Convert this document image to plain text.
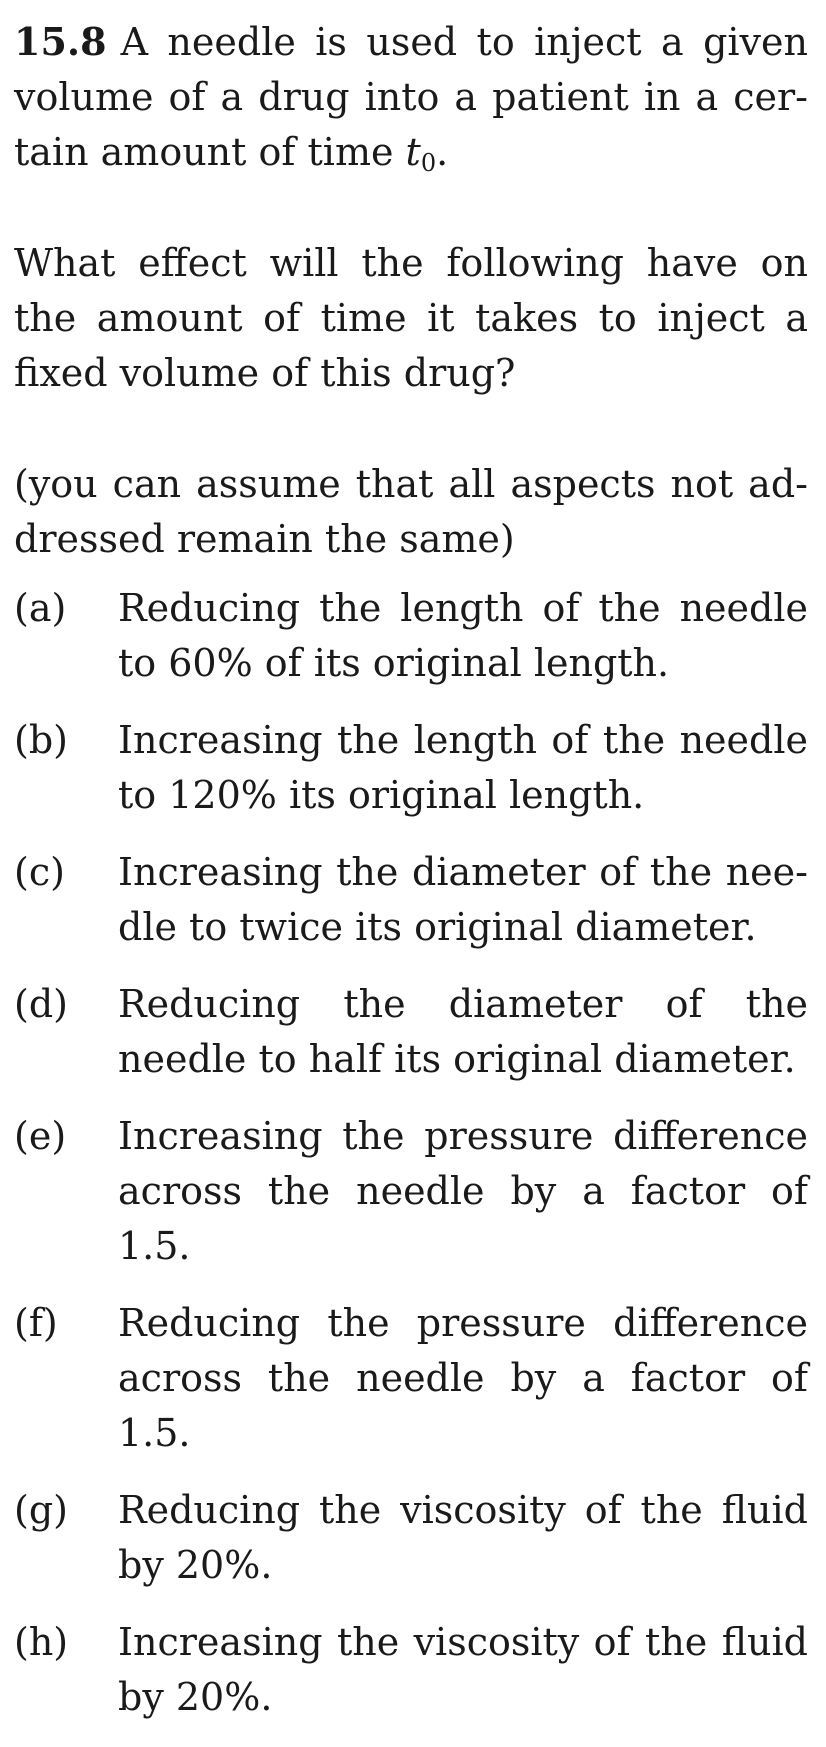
15.8 A needle is used to inject a given volume of a drug into a patient in a certain amount of time $t_0$.

What effect will the following have on the amount of time it takes to inject a fixed volume of this drug?

(you can assume that all aspects not addressed remain the same)

(a)	Reducing the length of the needle to 60% of its original length.
(b)	Increasing the length of the needle to 120% its original length.
(c)	Increasing the diameter of the needle to twice its original diameter.
(d)	Reducing the diameter of the needle to half its original diameter.
(e)	Increasing the pressure difference across the needle by a factor of 1.5.
(f)	Reducing the pressure difference across the needle by a factor of 1.5.
(g)	Reducing the viscosity of the fluid by 20%.
(h)	Increasing the viscosity of the fluid by 20%.
